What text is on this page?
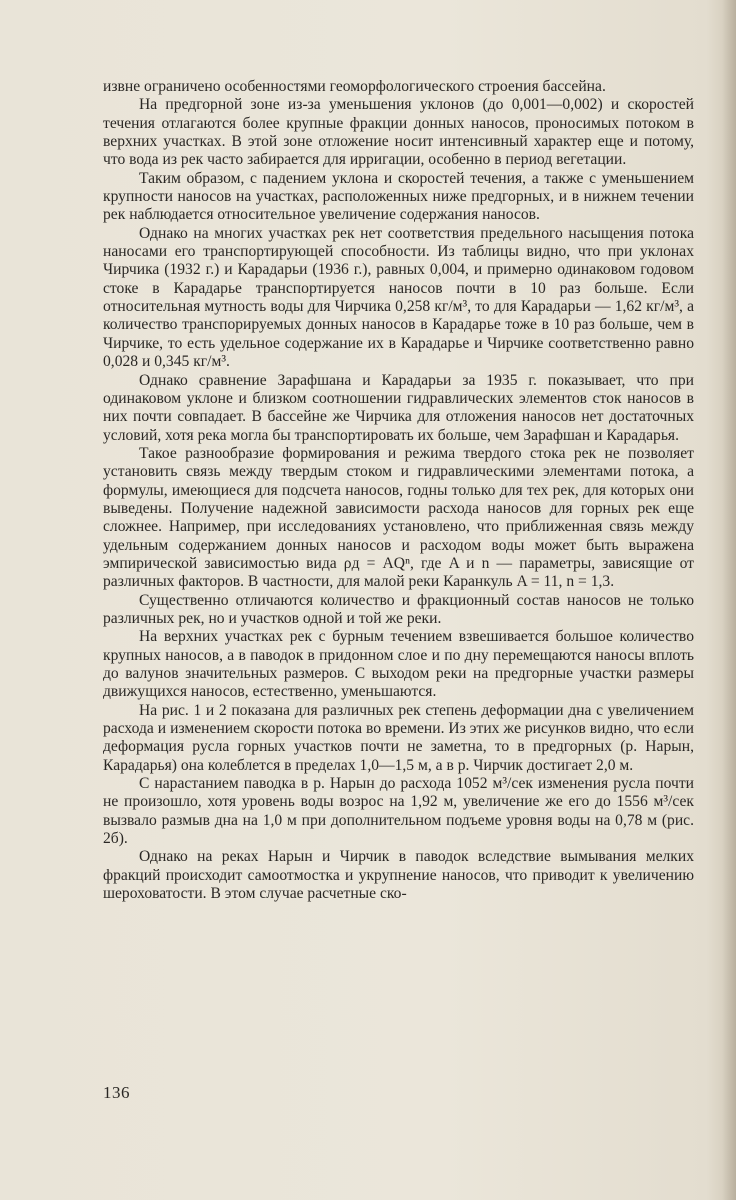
извне ограничено особенностями геоморфологического строения бассейна.

На предгорной зоне из-за уменьшения уклонов (до 0,001—0,002) и скоростей течения отлагаются более крупные фракции донных наносов, проносимых потоком в верхних участках. В этой зоне отложение носит интенсивный характер еще и потому, что вода из рек часто забирается для ирригации, особенно в период вегетации.

Таким образом, с падением уклона и скоростей течения, а также с уменьшением крупности наносов на участках, расположенных ниже предгорных, и в нижнем течении рек наблюдается относительное увеличение содержания наносов.

Однако на многих участках рек нет соответствия предельного насыщения потока наносами его транспортирующей способности. Из таблицы видно, что при уклонах Чирчика (1932 г.) и Карадарьи (1936 г.), равных 0,004, и примерно одинаковом годовом стоке в Карадарье транспортируется наносов почти в 10 раз больше. Если относительная мутность воды для Чирчика 0,258 кг/м³, то для Карадарьи — 1,62 кг/м³, а количество транспорируемых донных наносов в Карадарье тоже в 10 раз больше, чем в Чирчике, то есть удельное содержание их в Карадарье и Чирчике соответственно равно 0,028 и 0,345 кг/м³.

Однако сравнение Зарафшана и Карадарьи за 1935 г. показывает, что при одинаковом уклоне и близком соотношении гидравлических элементов сток наносов в них почти совпадает. В бассейне же Чирчика для отложения наносов нет достаточных условий, хотя река могла бы транспортировать их больше, чем Зарафшан и Карадарья.

Такое разнообразие формирования и режима твердого стока рек не позволяет установить связь между твердым стоком и гидравлическими элементами потока, а формулы, имеющиеся для подсчета наносов, годны только для тех рек, для которых они выведены. Получение надежной зависимости расхода наносов для горных рек еще сложнее. Например, при исследованиях установлено, что приближенная связь между удельным содержанием донных наносов и расходом воды может быть выражена эмпирической зависимостью вида ρд = AQⁿ, где A и n — параметры, зависящие от различных факторов. В частности, для малой реки Каранкуль A = 11, n = 1,3.

Существенно отличаются количество и фракционный состав наносов не только различных рек, но и участков одной и той же реки.

На верхних участках рек с бурным течением взвешивается большое количество крупных наносов, а в паводок в придонном слое и по дну перемещаются наносы вплоть до валунов значительных размеров. С выходом реки на предгорные участки размеры движущихся наносов, естественно, уменьшаются.

На рис. 1 и 2 показана для различных рек степень деформации дна с увеличением расхода и изменением скорости потока во времени. Из этих же рисунков видно, что если деформация русла горных участков почти не заметна, то в предгорных (р. Нарын, Карадарья) она колеблется в пределах 1,0—1,5 м, а в р. Чирчик достигает 2,0 м.

С нарастанием паводка в р. Нарын до расхода 1052 м³/сек изменения русла почти не произошло, хотя уровень воды возрос на 1,92 м, увеличение же его до 1556 м³/сек вызвало размыв дна на 1,0 м при дополнительном подъеме уровня воды на 0,78 м (рис. 2б).

Однако на реках Нарын и Чирчик в паводок вследствие вымывания мелких фракций происходит самоотмостка и укрупнение наносов, что приводит к увеличению шероховатости. В этом случае расчетные ско-

136
